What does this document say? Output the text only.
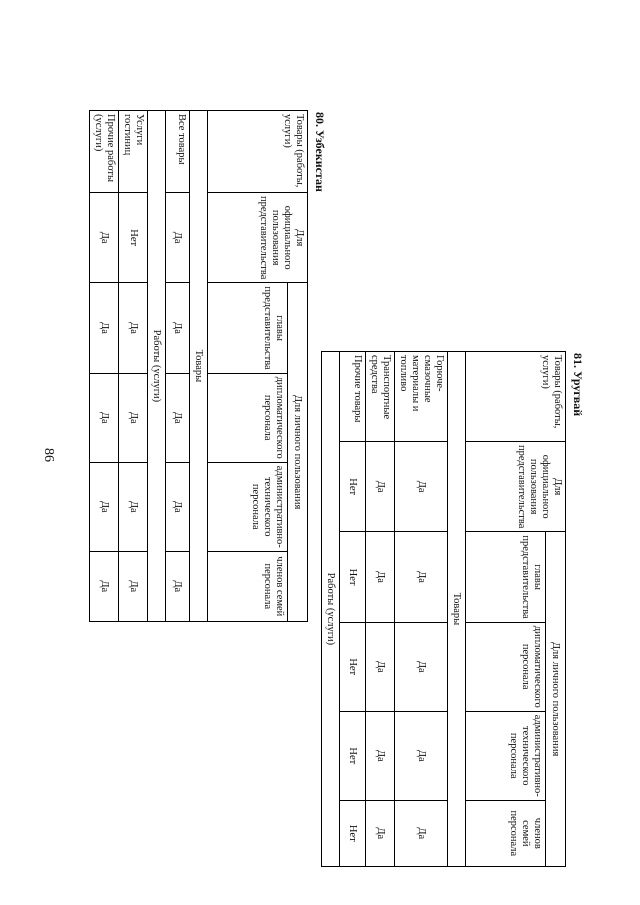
86
80. Узбекистан
Товары (работы, услуги)	Для официального пользования представительства	Для личного пользования			
		главы представительства	дипломатического персонала	административно-технического персонала	членов семей персонала
Товары					
Все товары	Да	Да	Да	Да	Да
Работы (услуги)					
Услуги гостиниц	Нет	Да	Да	Да	Да
Прочие работы (услуги)	Да	Да	Да	Да	Да
81. Уругвай
Товары (работы, услуги)	Для официального пользования представительства	Для личного пользования			
		главы представительства	дипломатического персонала	административно-технического персонала	членов семей персонала
Товары					
Горюче-смазочные материалы и топливо	Да	Да	Да	Да	Да
Транспортные средства	Да	Да	Да	Да	Да
Прочие товары	Нет	Нет	Нет	Нет	Нет
Работы (услуги)					
